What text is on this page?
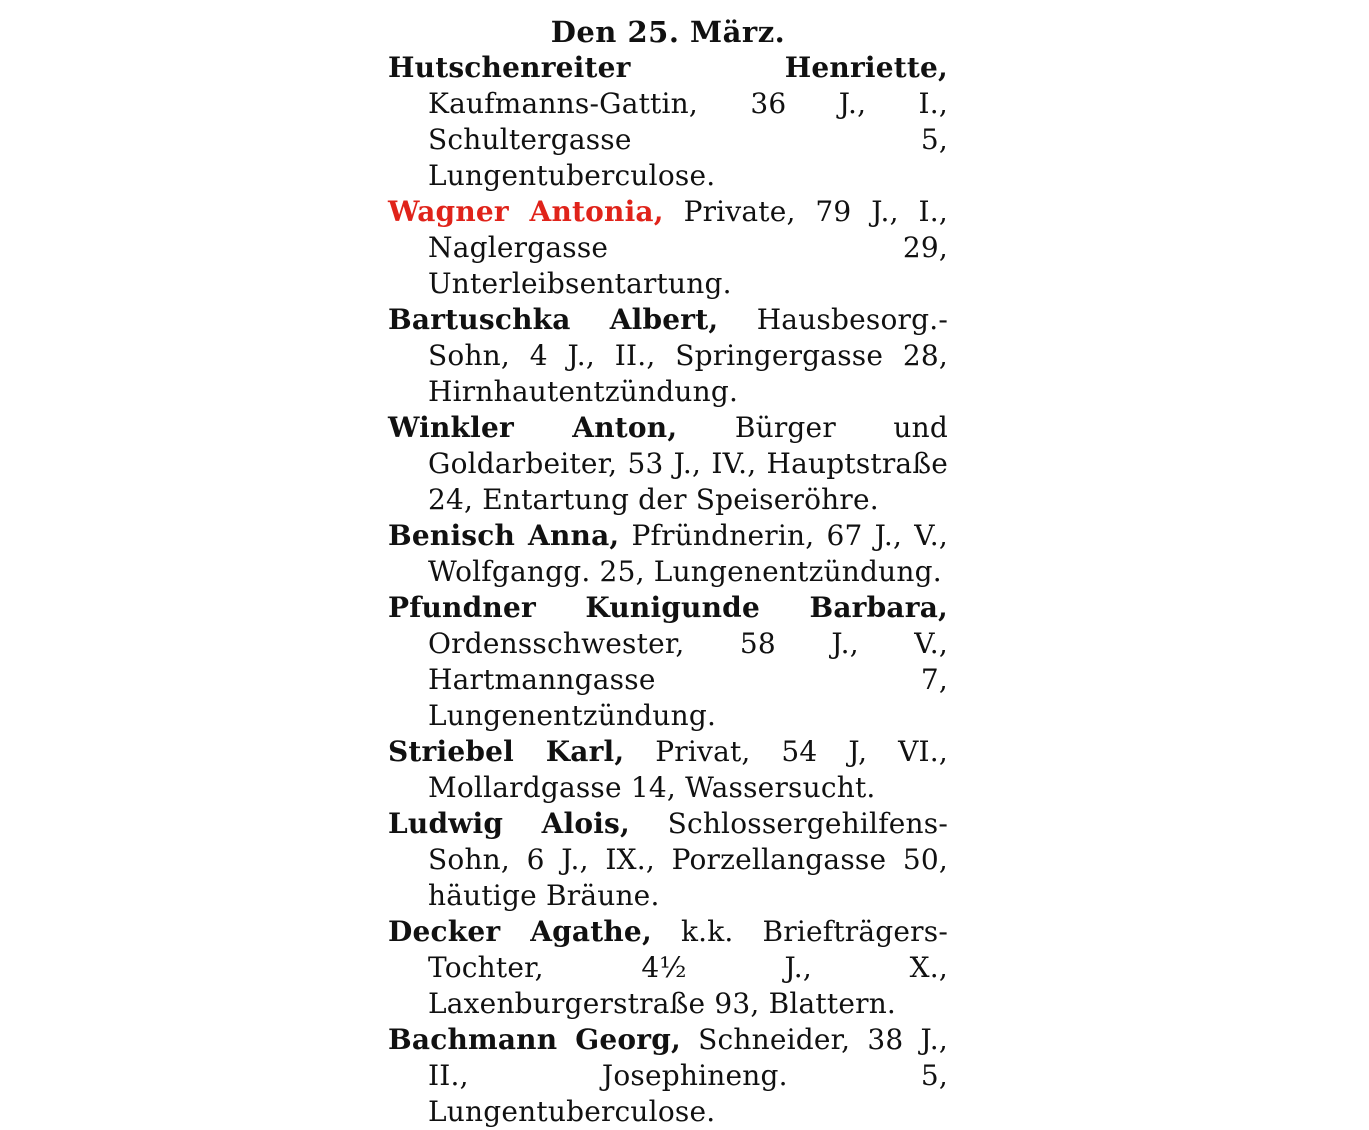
Den 25. März.
Hutschenreiter Henriette, Kaufmanns-Gattin, 36 J., I., Schultergasse 5, Lungentuberculose.
Wagner Antonia, Private, 79 J., I., Naglergasse 29, Unterleibsentartung.
Bartuschka Albert, Hausbesorg.-Sohn, 4 J., II., Springergasse 28, Hirnhautentzündung.
Winkler Anton, Bürger und Goldarbeiter, 53 J., IV., Hauptstraße 24, Entartung der Speiseröhre.
Benisch Anna, Pfründnerin, 67 J., V., Wolfgangg. 25, Lungenentzündung.
Pfundner Kunigunde Barbara, Ordensschwester, 58 J., V., Hartmanngasse 7, Lungenentzündung.
Striebel Karl, Privat, 54 J, VI., Mollardgasse 14, Wassersucht.
Ludwig Alois, Schlossergehilfens-Sohn, 6 J., IX., Porzellangasse 50, häutige Bräune.
Decker Agathe, k.k. Briefträgers-Tochter, 4½ J., X., Laxenburgerstraße 93, Blattern.
Bachmann Georg, Schneider, 38 J., II., Josephineng. 5, Lungentuberculose.
